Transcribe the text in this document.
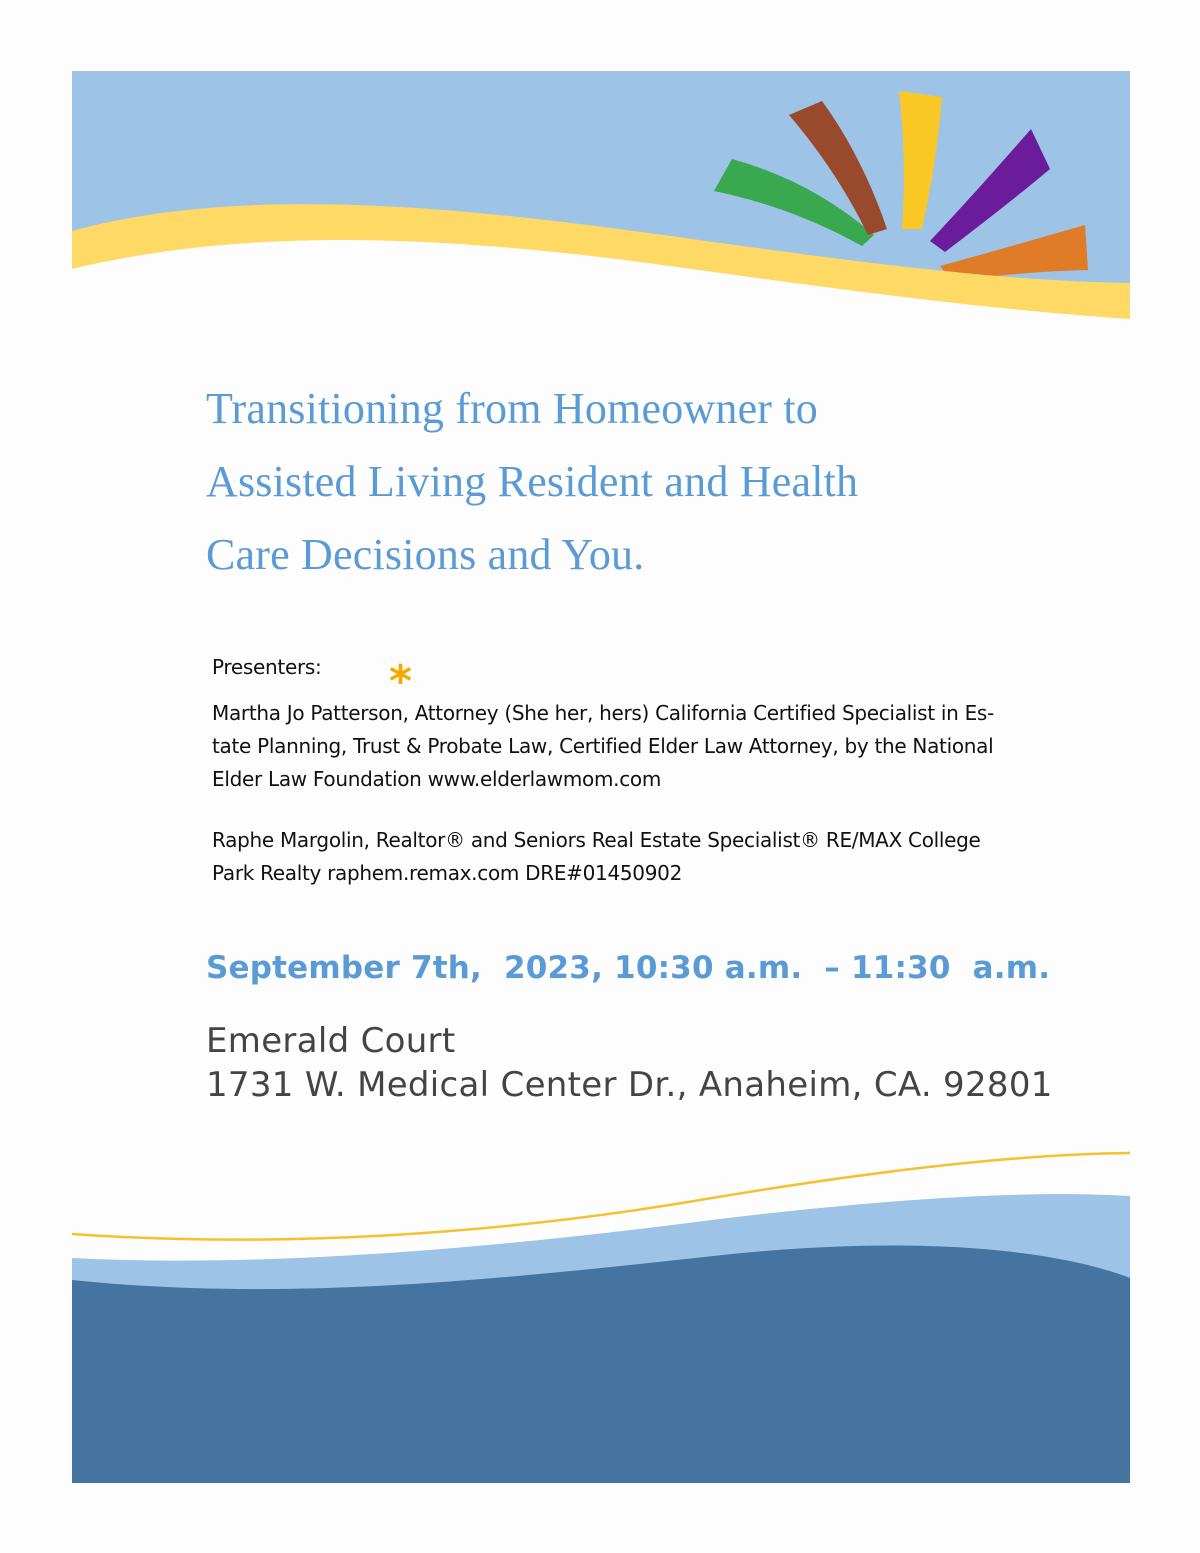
Transitioning from Homeowner to
Assisted Living Resident and Health
Care Decisions and You.
Presenters: *
Martha Jo Patterson, Attorney (She her, hers) California Certified Specialist in Es-
tate Planning, Trust & Probate Law, Certified Elder Law Attorney, by the National
Elder Law Foundation www.elderlawmom.com
Raphe Margolin, Realtor® and Seniors Real Estate Specialist® RE/MAX College
Park Realty raphem.remax.com DRE#01450902
September 7th,  2023, 10:30 a.m.  – 11:30  a.m.
Emerald Court
1731 W. Medical Center Dr., Anaheim, CA. 92801
